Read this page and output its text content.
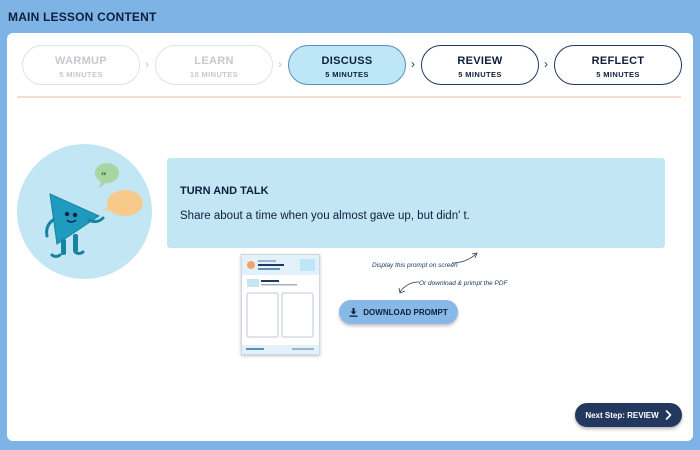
MAIN LESSON CONTENT
WARMUP
5 MINUTES
›	LEARN
10 MINUTES
›	DISCUSS
5 MINUTES
›	REVIEW
5 MINUTES
›	REFLECT
5 MINUTES
“
TURN AND TALK
Share about a time when you almost gave up, but didn' t.
Display this prompt on screen
Or download & primpt the PDF
DOWNLOAD PROMPT
Next Step: REVIEW
